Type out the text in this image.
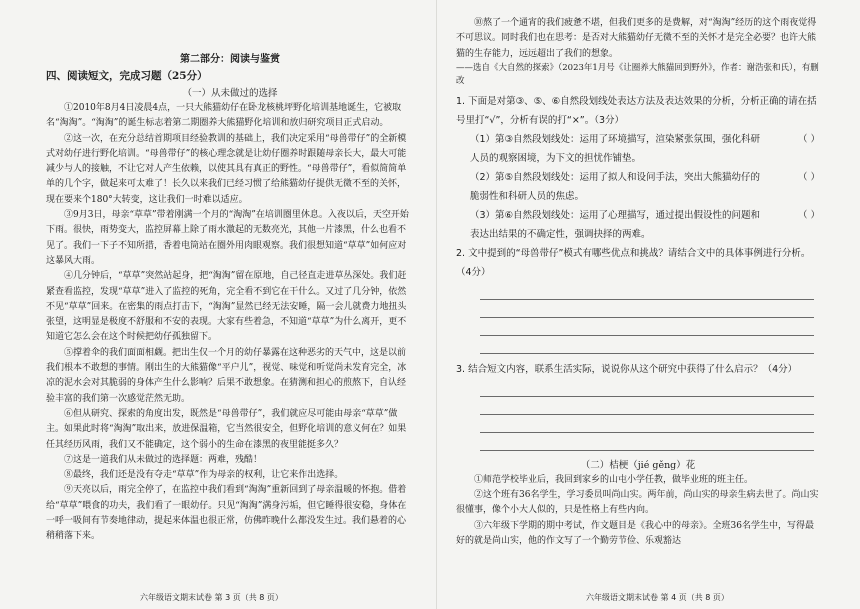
第二部分：阅读与鉴赏

四、阅读短文，完成习题（25分）

（一）从未做过的选择

①2010年8月4日凌晨4点，一只大熊猫幼仔在卧龙核桃坪野化培训基地诞生，它被取名“淘淘”。“淘淘”的诞生标志着第二期圈养大熊猫野化培训和放归研究项目正式启动。

②这一次，在充分总结首期项目经验教训的基础上，我们决定采用“母兽带仔”的全新模式对幼仔进行野化培训。“母兽带仔”的核心理念就是让幼仔圈养时跟随母亲长大，最大可能减少与人的接触，不让它对人产生依赖，以使其具有真正的野性。“母兽带仔”，看似简简单单的几个字，做起来可太难了！长久以来我们已经习惯了给熊猫幼仔提供无微不至的关怀，现在要来个180°大转变，这让我们一时难以适应。

③9月3日，母亲“草草”带着刚满一个月的“淘淘”在培训圈里休息。入夜以后，天空开始下雨。很快，雨势变大，监控屏幕上除了雨水激起的无数亮光，其他一片漆黑，什么也看不见了。我们一下子不知所措，香着电筒站在圈外用肉眼观察。我们很想知道“草草”如何应对这暴风大雨。

④几分钟后，“草草”突然站起身，把“淘淘”留在原地，自己径直走进草丛深处。我们赶紧查看监控，发现“草草”进入了监控的死角，完全看不到它在干什么。又过了几分钟，依然不见“草草”回来。在密集的雨点打击下，“淘淘”显然已经无法安睡，隔一会儿就费力地扭头张望，这明显是极度不舒服和不安的表现。大家有些着急，不知道“草草”为什么离开，更不知道它怎么会在这个时候把幼仔孤独留下。

⑤撑着伞的我们面面相觑。把出生仅一个月的幼仔暴露在这种恶劣的天气中，这是以前我们根本不敢想的事情。刚出生的大熊猫像“平户儿”，视觉、味觉和听觉尚未发育完全，冰凉的泥水会对其脆弱的身体产生什么影响？后果不敢想象。在猜测和担心的煎熬下，自认经验丰富的我们第一次感觉茫然无助。

⑥但从研究、探索的角度出发，既然是“母兽带仔”，我们就应尽可能由母亲“草草”做主。如果此时将“淘淘”取出来，放进保温箱，它当然很安全，但野化培训的意义何在？如果任其经历风雨，我们又不能确定，这个弱小的生命在漆黑的夜里能挺多久？

⑦这是一道我们从未做过的选择题：两难，残酷！

⑧最终，我们还是没有夺走“草草”作为母亲的权利，让它来作出选择。

⑨天亮以后，雨完全停了，在监控中我们看到“淘淘”重新回到了母亲温暖的怀抱。借着给“草草”喂食的功夫，我们看了一眼幼仔。只见“淘淘”满身污垢，但它睡得很安稳，身体在一呼一吸间有节奏地律动，提起来体温也很正常，仿佛昨晚什么都没发生过。我们悬着的心稍稍落下来。

六年级语文期末试卷 第 3 页（共 8 页）

⑩熬了一个通宵的我们疲惫不堪，但我们更多的是费解，对“淘淘”经历的这个雨夜觉得不可思议。同时我们也在思考：是否对大熊猫幼仔无微不至的关怀才是完全必要？也许大熊猫的生存能力，远远超出了我们的想象。

——选自《大自然的探索》（2023年1月号《让圈养大熊猫回到野外》，作者：谢浩张和氏），有删改

1. 下面是对第③、⑤、⑥自然段划线处表达方法及表达效果的分析，分析正确的请在括号里打“√”，分析有误的打“×”。（3分）

（1）第③自然段划线处：运用了环境描写，渲染紧张氛围，强化科研人员的观察困境，为下文的担忧作铺垫。

（ ）

（2）第⑤自然段划线处：运用了拟人和设问手法，突出大熊猫幼仔的脆弱性和科研人员的焦虑。

（ ）

（3）第⑥自然段划线处：运用了心理描写，通过提出假设性的问题和表达出结果的不确定性，强调抉择的两难。

（ ）

2. 文中提到的“母兽带仔”模式有哪些优点和挑战？请结合文中的具体事例进行分析。（4分）

3. 结合短文内容，联系生活实际，说说你从这个研究中获得了什么启示？（4分）

（二）桔梗（jié gěng）花

①师范学校毕业后，我回到家乡的山屯小学任教，做毕业班的班主任。

②这个班有36名学生，学习委员叫尚山实。两年前，尚山实的母亲生病去世了。尚山实很懂事，像个小大人似的，只是性格上有些内向。

③六年级下学期的期中考试，作文题目是《我心中的母亲》。全班36名学生中，写得最好的就是尚山实，他的作文写了一个勤劳节俭、乐观豁达

六年级语文期末试卷 第 4 页（共 8 页）
